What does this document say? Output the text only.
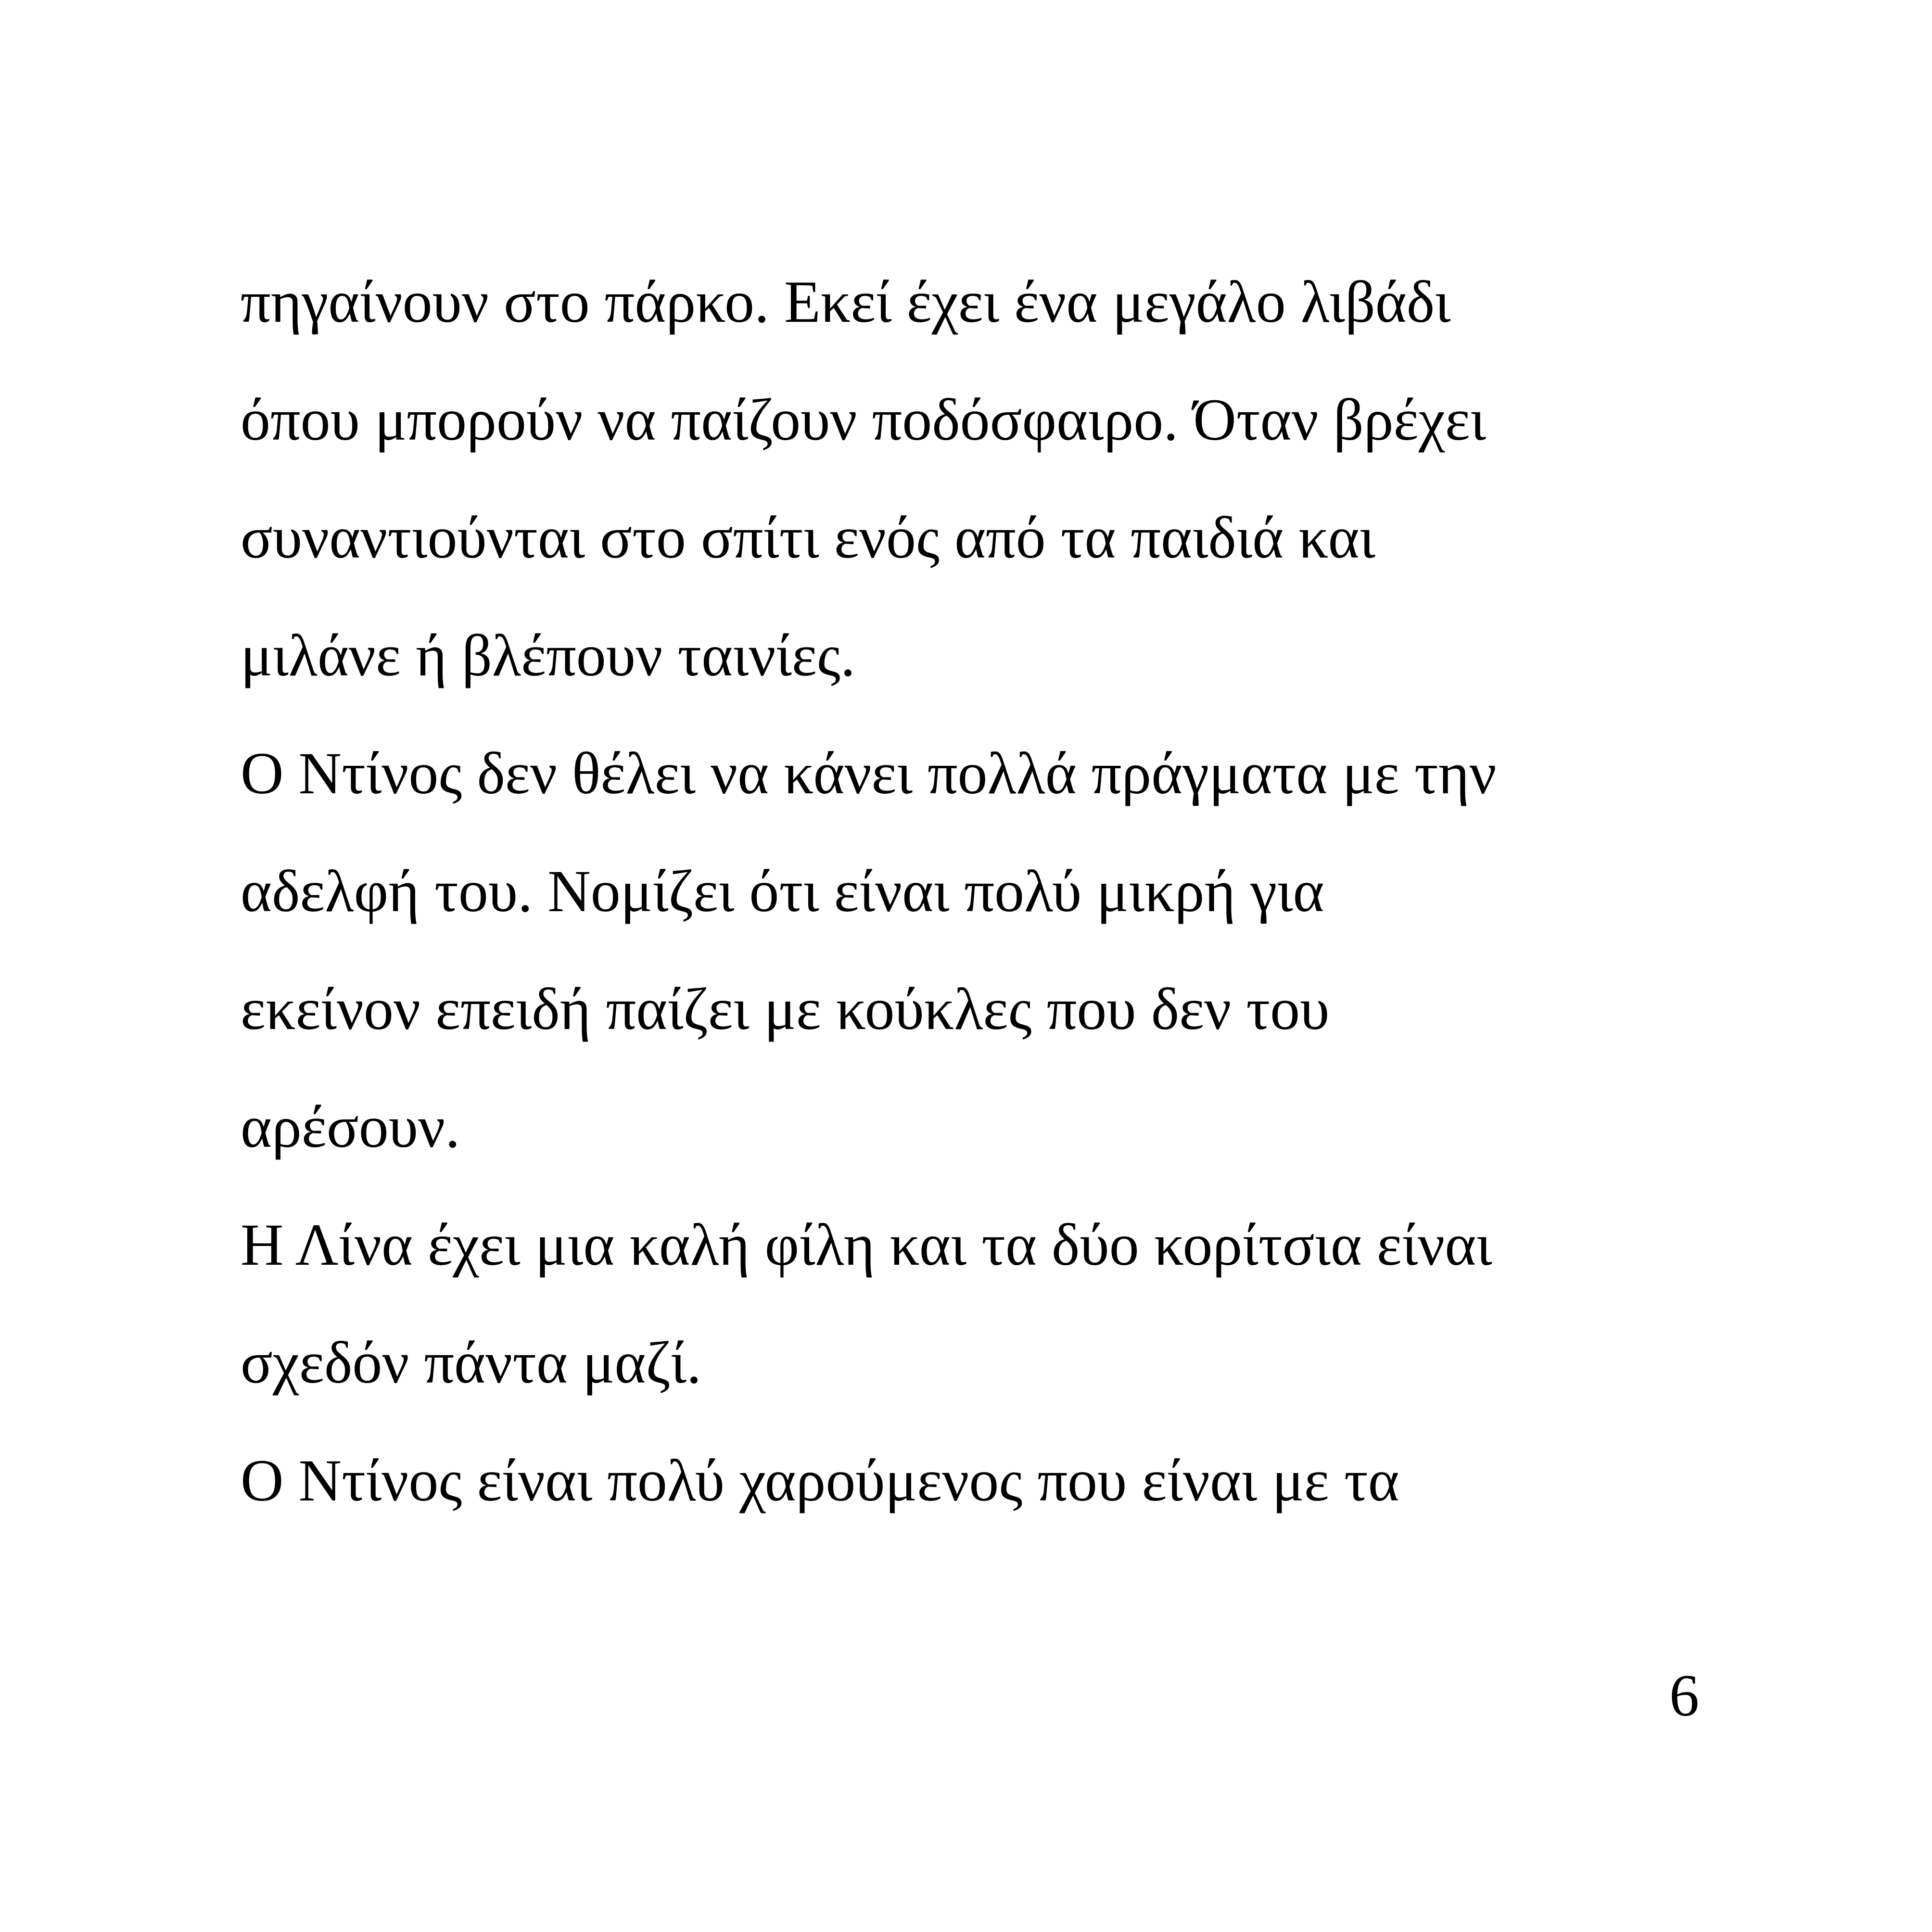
πηγαίνουν στο πάρκο. Εκεί έχει ένα μεγάλο λιβάδι
όπου μπορούν να παίζουν ποδόσφαιρο. Όταν βρέχει
συναντιούνται στο σπίτι ενός από τα παιδιά και
μιλάνε ή βλέπουν ταινίες.
Ο Ντίνος δεν θέλει να κάνει πολλά πράγματα με την
αδελφή του. Νομίζει ότι είναι πολύ μικρή για
εκείνον επειδή παίζει με κούκλες που δεν του
αρέσουν.
Η Λίνα έχει μια καλή φίλη και τα δύο κορίτσια είναι
σχεδόν πάντα μαζί.
Ο Ντίνος είναι πολύ χαρούμενος που είναι με τα
6
